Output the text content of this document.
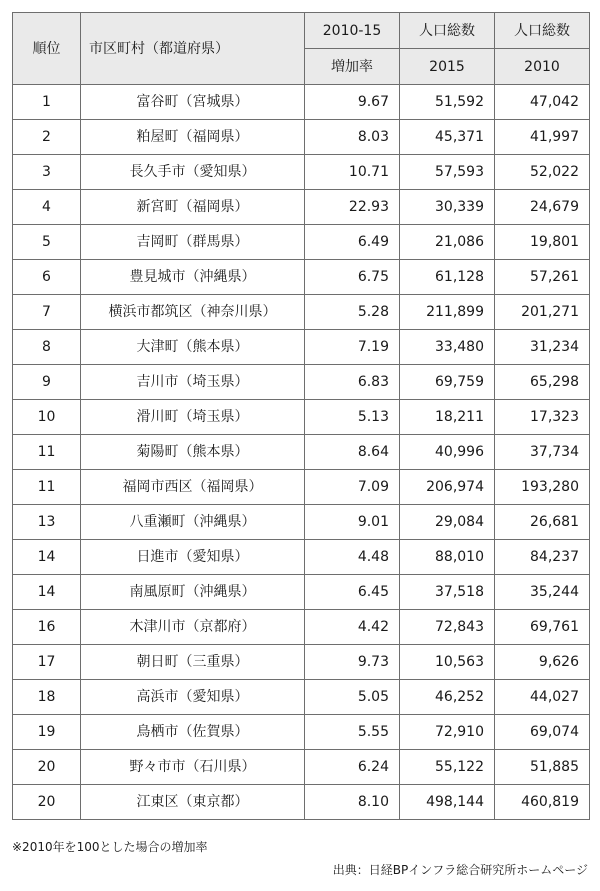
順位	市区町村（都道府県）	2010-15	人口総数	人口総数
		増加率	2015	2010
1	富谷町（宮城県）	9.67	51,592	47,042
2	粕屋町（福岡県）	8.03	45,371	41,997
3	長久手市（愛知県）	10.71	57,593	52,022
4	新宮町（福岡県）	22.93	30,339	24,679
5	吉岡町（群馬県）	6.49	21,086	19,801
6	豊見城市（沖縄県）	6.75	61,128	57,261
7	横浜市都筑区（神奈川県）	5.28	211,899	201,271
8	大津町（熊本県）	7.19	33,480	31,234
9	吉川市（埼玉県）	6.83	69,759	65,298
10	滑川町（埼玉県）	5.13	18,211	17,323
11	菊陽町（熊本県）	8.64	40,996	37,734
11	福岡市西区（福岡県）	7.09	206,974	193,280
13	八重瀬町（沖縄県）	9.01	29,084	26,681
14	日進市（愛知県）	4.48	88,010	84,237
14	南風原町（沖縄県）	6.45	37,518	35,244
16	木津川市（京都府）	4.42	72,843	69,761
17	朝日町（三重県）	9.73	10,563	9,626
18	高浜市（愛知県）	5.05	46,252	44,027
19	鳥栖市（佐賀県）	5.55	72,910	69,074
20	野々市市（石川県）	6.24	55,122	51,885
20	江東区（東京都）	8.10	498,144	460,819
※2010年を100とした場合の増加率
出典：日経BPインフラ総合研究所ホームページ
